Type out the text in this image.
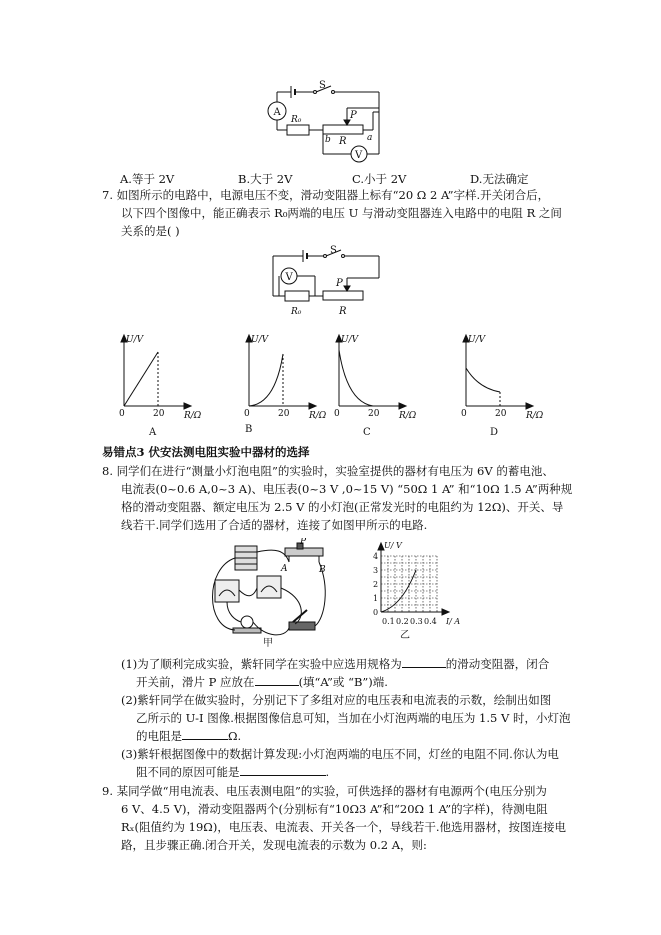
A
S
R₀	P
R
b	a
V
A.等于 2V	B.大于 2V	C.小于 2V	D.无法确定
7. 如图所示的电路中，电源电压不变，滑动变阻器上标有“20 Ω 2 A”字样.开关闭合后，
以下四个图像中，能正确表示 R₀两端的电压 U 与滑动变阻器连入电路中的电阻 R 之间
关系的是( )
V
S
P
R₀	R
U/V
R/Ω
0	20
A
U/V
R/Ω
0	20
B
U/V
R/Ω
0	20
C
U/V
R/Ω
0	20
D
易错点3 伏安法测电阻实验中器材的选择
8. 同学们在进行“测量小灯泡电阻”的实验时，实验室提供的器材有电压为 6V 的蓄电池、
电流表(0~0.6 A,0~3 A)、电压表(0~3 V ,0~15 V) “50Ω 1 A” 和“10Ω 1.5 A”两种规
格的滑动变阻器、额定电压为 2.5 V 的小灯泡(正常发光时的电阻约为 12Ω)、开关、导
线若干.同学们选用了合适的器材，连接了如图甲所示的电路.
P
A	B
甲
U/ V
I/ A
4
3
2
1
0
0.1 0.2 0.3 0.4
乙
(1)为了顺利完成实验，紫轩同学在实验中应选用规格为	的滑动变阻器，闭合
开关前，滑片 P 应放在	(填“A”或 “B”)端.
(2)紫轩同学在做实验时，分别记下了多组对应的电压表和电流表的示数，绘制出如图
乙所示的 U-I 图像.根据图像信息可知，当加在小灯泡两端的电压为 1.5 V 时，小灯泡
的电阻是	Ω.
(3)紫轩根据图像中的数据计算发现:小灯泡两端的电压不同，灯丝的电阻不同.你认为电
阻不同的原因可能是	.
9. 某同学做“用电流表、电压表测电阻”的实验，可供选择的器材有电源两个(电压分别为
6 V、4.5 V)，滑动变阻器两个(分别标有“10Ω3 A”和“20Ω 1 A”的字样)，待测电阻
Rₓ(阻值约为 19Ω)，电压表、电流表、开关各一个，导线若干.他选用器材，按图连接电
路，且步骤正确.闭合开关，发现电流表的示数为 0.2 A，则:
